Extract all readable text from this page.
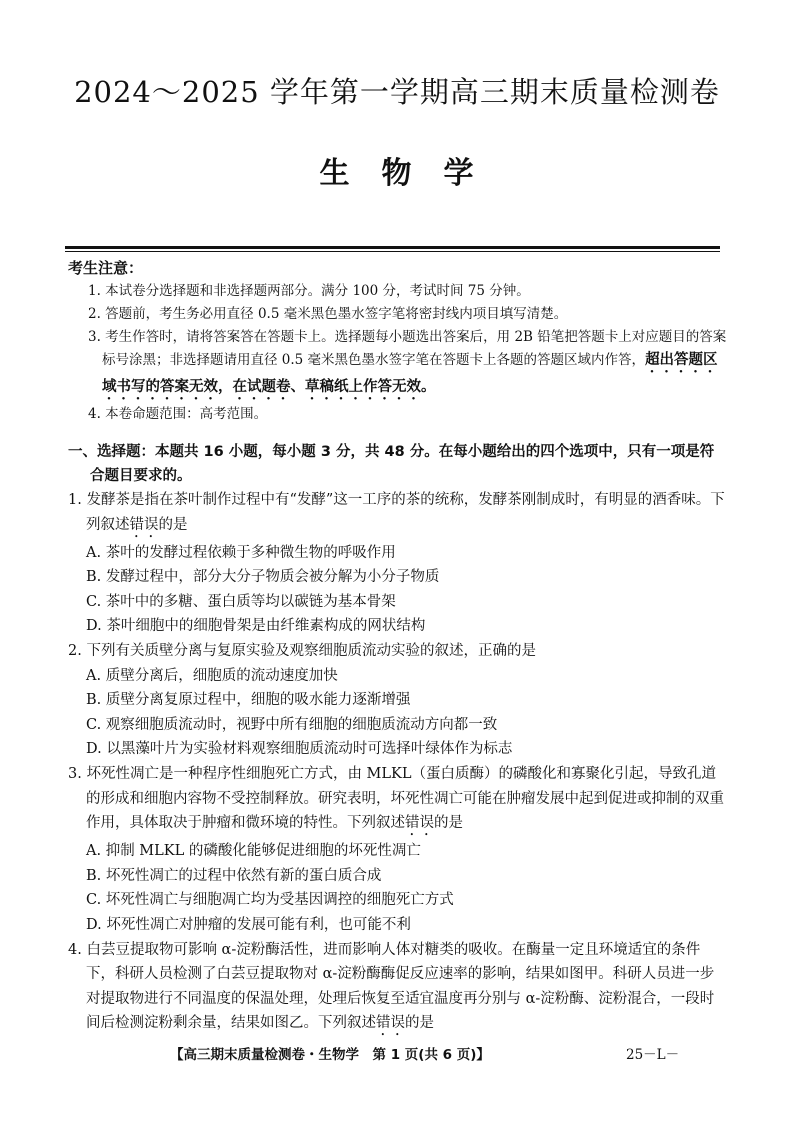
2024～2025 学年第一学期高三期末质量检测卷
生　物　学
考生注意：
1. 本试卷分选择题和非选择题两部分。满分 100 分，考试时间 75 分钟。
2. 答题前，考生务必用直径 0.5 毫米黑色墨水签字笔将密封线内项目填写清楚。
3. 考生作答时，请将答案答在答题卡上。选择题每小题选出答案后，用 2B 铅笔把答题卡上对应题目的答案标号涂黑；非选择题请用直径 0.5 毫米黑色墨水签字笔在答题卡上各题的答题区域内作答，超出答题区域书写的答案无效，在试题卷、草稿纸上作答无效。
4. 本卷命题范围：高考范围。
一、选择题：本题共 16 小题，每小题 3 分，共 48 分。在每小题给出的四个选项中，只有一项是符
合题目要求的。
1. 发酵茶是指在茶叶制作过程中有“发酵”这一工序的茶的统称，发酵茶刚制成时，有明显的酒香味。下列叙述错误的是
A. 茶叶的发酵过程依赖于多种微生物的呼吸作用
B. 发酵过程中，部分大分子物质会被分解为小分子物质
C. 茶叶中的多糖、蛋白质等均以碳链为基本骨架
D. 茶叶细胞中的细胞骨架是由纤维素构成的网状结构
2. 下列有关质壁分离与复原实验及观察细胞质流动实验的叙述，正确的是
A. 质壁分离后，细胞质的流动速度加快
B. 质壁分离复原过程中，细胞的吸水能力逐渐增强
C. 观察细胞质流动时，视野中所有细胞的细胞质流动方向都一致
D. 以黑藻叶片为实验材料观察细胞质流动时可选择叶绿体作为标志
3. 坏死性凋亡是一种程序性细胞死亡方式，由 MLKL（蛋白质酶）的磷酸化和寡聚化引起，导致孔道的形成和细胞内容物不受控制释放。研究表明，坏死性凋亡可能在肿瘤发展中起到促进或抑制的双重作用，具体取决于肿瘤和微环境的特性。下列叙述错误的是
A. 抑制 MLKL 的磷酸化能够促进细胞的坏死性凋亡
B. 坏死性凋亡的过程中依然有新的蛋白质合成
C. 坏死性凋亡与细胞凋亡均为受基因调控的细胞死亡方式
D. 坏死性凋亡对肿瘤的发展可能有利，也可能不利
4. 白芸豆提取物可影响 α-淀粉酶活性，进而影响人体对糖类的吸收。在酶量一定且环境适宜的条件下，科研人员检测了白芸豆提取物对 α-淀粉酶酶促反应速率的影响，结果如图甲。科研人员进一步对提取物进行不同温度的保温处理，处理后恢复至适宜温度再分别与 α-淀粉酶、淀粉混合，一段时间后检测淀粉剩余量，结果如图乙。下列叙述错误的是
【高三期末质量检测卷・生物学　第 1 页(共 6 页)】	25－L－
